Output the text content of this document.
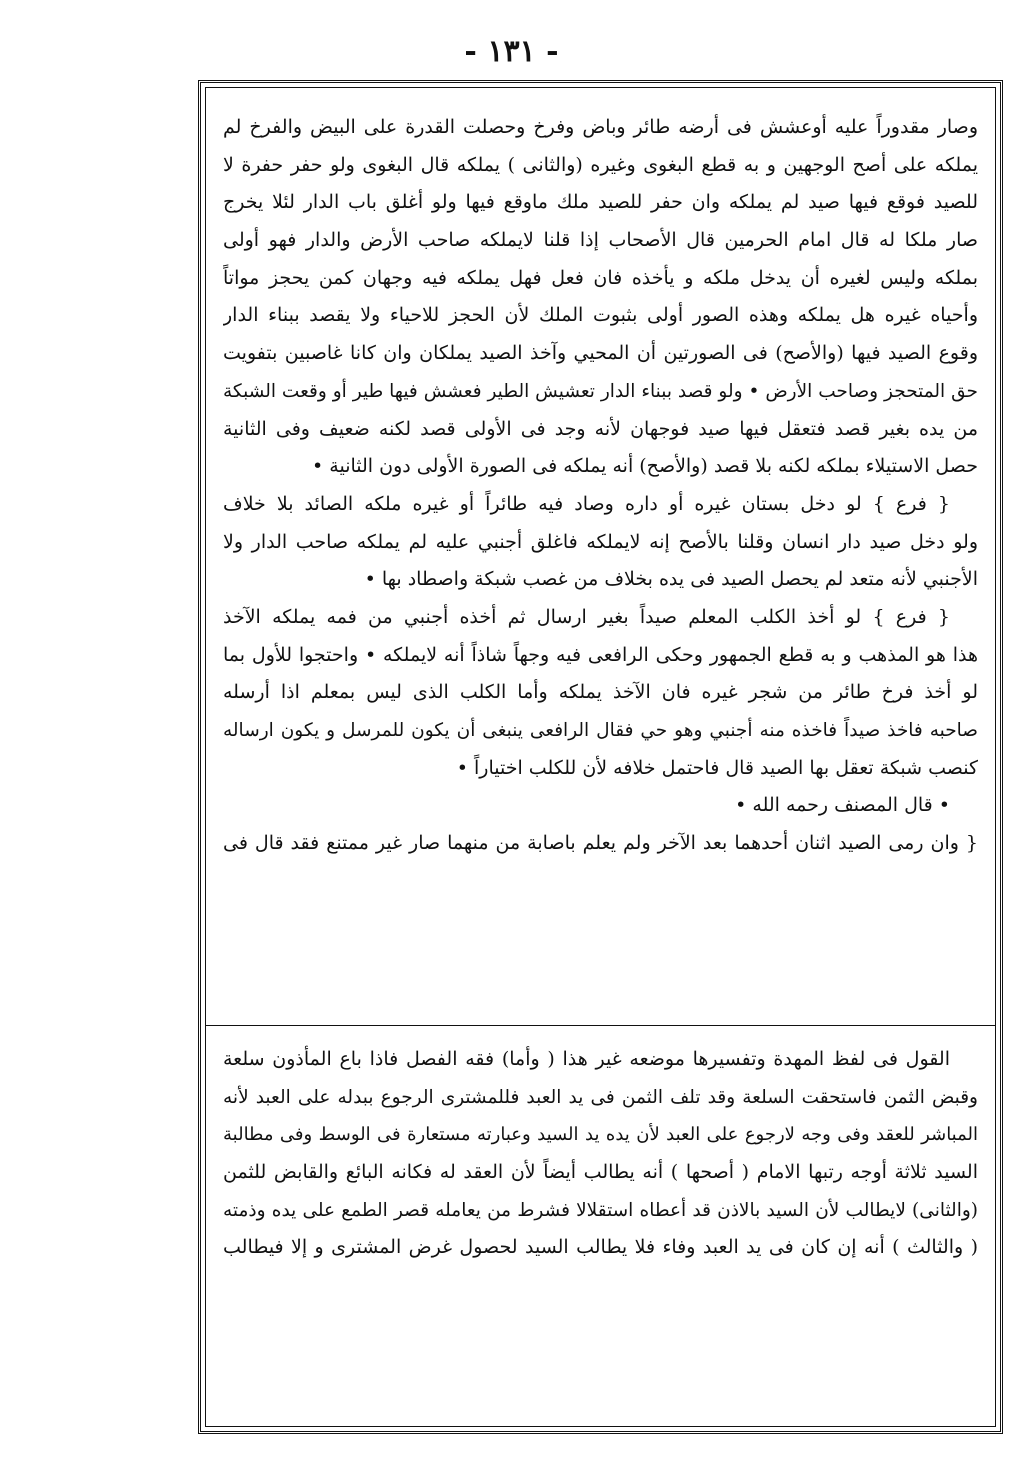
- ١٣١ -
وصار مقدوراً عليه أوعشش فى أرضه طائر وباض وفرخ وحصلت القدرة على البيض والفرخ لم
يملكه على أصح الوجهين و به قطع البغوى وغيره (والثانى ) يملكه قال البغوى ولو حفر حفرة لا
للصيد فوقع فيها صيد لم يملكه وان حفر للصيد ملك ماوقع فيها ولو أغلق باب الدار لئلا يخرج
صار ملكا له قال امام الحرمين قال الأصحاب إذا قلنا لايملكه صاحب الأرض والدار فهو أولى
بملكه وليس لغيره أن يدخل ملكه و يأخذه فان فعل فهل يملكه فيه وجهان كمن يحجز مواتاً
وأحياه غيره هل يملكه وهذه الصور أولى بثبوت الملك لأن الحجز للاحياء ولا يقصد ببناء الدار
وقوع الصيد فيها (والأصح) فى الصورتين أن المحيي وآخذ الصيد يملكان وان كانا غاصبين بتفويت
حق المتحجز وصاحب الأرض • ولو قصد ببناء الدار تعشيش الطير فعشش فيها طير أو وقعت الشبكة
من يده بغير قصد فتعقل فيها صيد فوجهان لأنه وجد فى الأولى قصد لكنه ضعيف وفى الثانية
حصل الاستيلاء بملكه لكنه بلا قصد (والأصح) أنه يملكه فى الصورة الأولى دون الثانية •
{ فرع } لو دخل بستان غيره أو داره وصاد فيه طائراً أو غيره ملكه الصائد بلا خلاف
ولو دخل صيد دار انسان وقلنا بالأصح إنه لايملكه فاغلق أجنبي عليه لم يملكه صاحب الدار ولا
الأجنبي لأنه متعد لم يحصل الصيد فى يده بخلاف من غصب شبكة واصطاد بها •
{ فرع } لو أخذ الكلب المعلم صيداً بغير ارسال ثم أخذه أجنبي من فمه يملكه الآخذ
هذا هو المذهب و به قطع الجمهور وحكى الرافعى فيه وجهاً شاذاً أنه لايملكه • واحتجوا للأول بما
لو أخذ فرخ طائر من شجر غيره فان الآخذ يملكه وأما الكلب الذى ليس بمعلم اذا أرسله
صاحبه فاخذ صيداً فاخذه منه أجنبي وهو حي فقال الرافعى ينبغى أن يكون للمرسل و يكون ارساله
كنصب شبكة تعقل بها الصيد قال فاحتمل خلافه لأن للكلب اختياراً •
• قال المصنف رحمه الله •
{ وان رمى الصيد اثنان أحدهما بعد الآخر ولم يعلم باصابة من منهما صار غير ممتنع فقد قال فى
القول فى لفظ المهدة وتفسيرها موضعه غير هذا ( وأما) فقه الفصل فاذا باع المأذون سلعة
وقبض الثمن فاستحقت السلعة وقد تلف الثمن فى يد العبد فللمشترى الرجوع ببدله على العبد لأنه
المباشر للعقد وفى وجه لارجوع على العبد لأن يده يد السيد وعبارته مستعارة فى الوسط وفى مطالبة
السيد ثلاثة أوجه رتبها الامام ( أصحها ) أنه يطالب أيضاً لأن العقد له فكانه البائع والقابض للثمن
(والثانى) لايطالب لأن السيد بالاذن قد أعطاه استقلالا فشرط من يعامله قصر الطمع على يده وذمته
( والثالث ) أنه إن كان فى يد العبد وفاء فلا يطالب السيد لحصول غرض المشترى و إلا فيطالب
